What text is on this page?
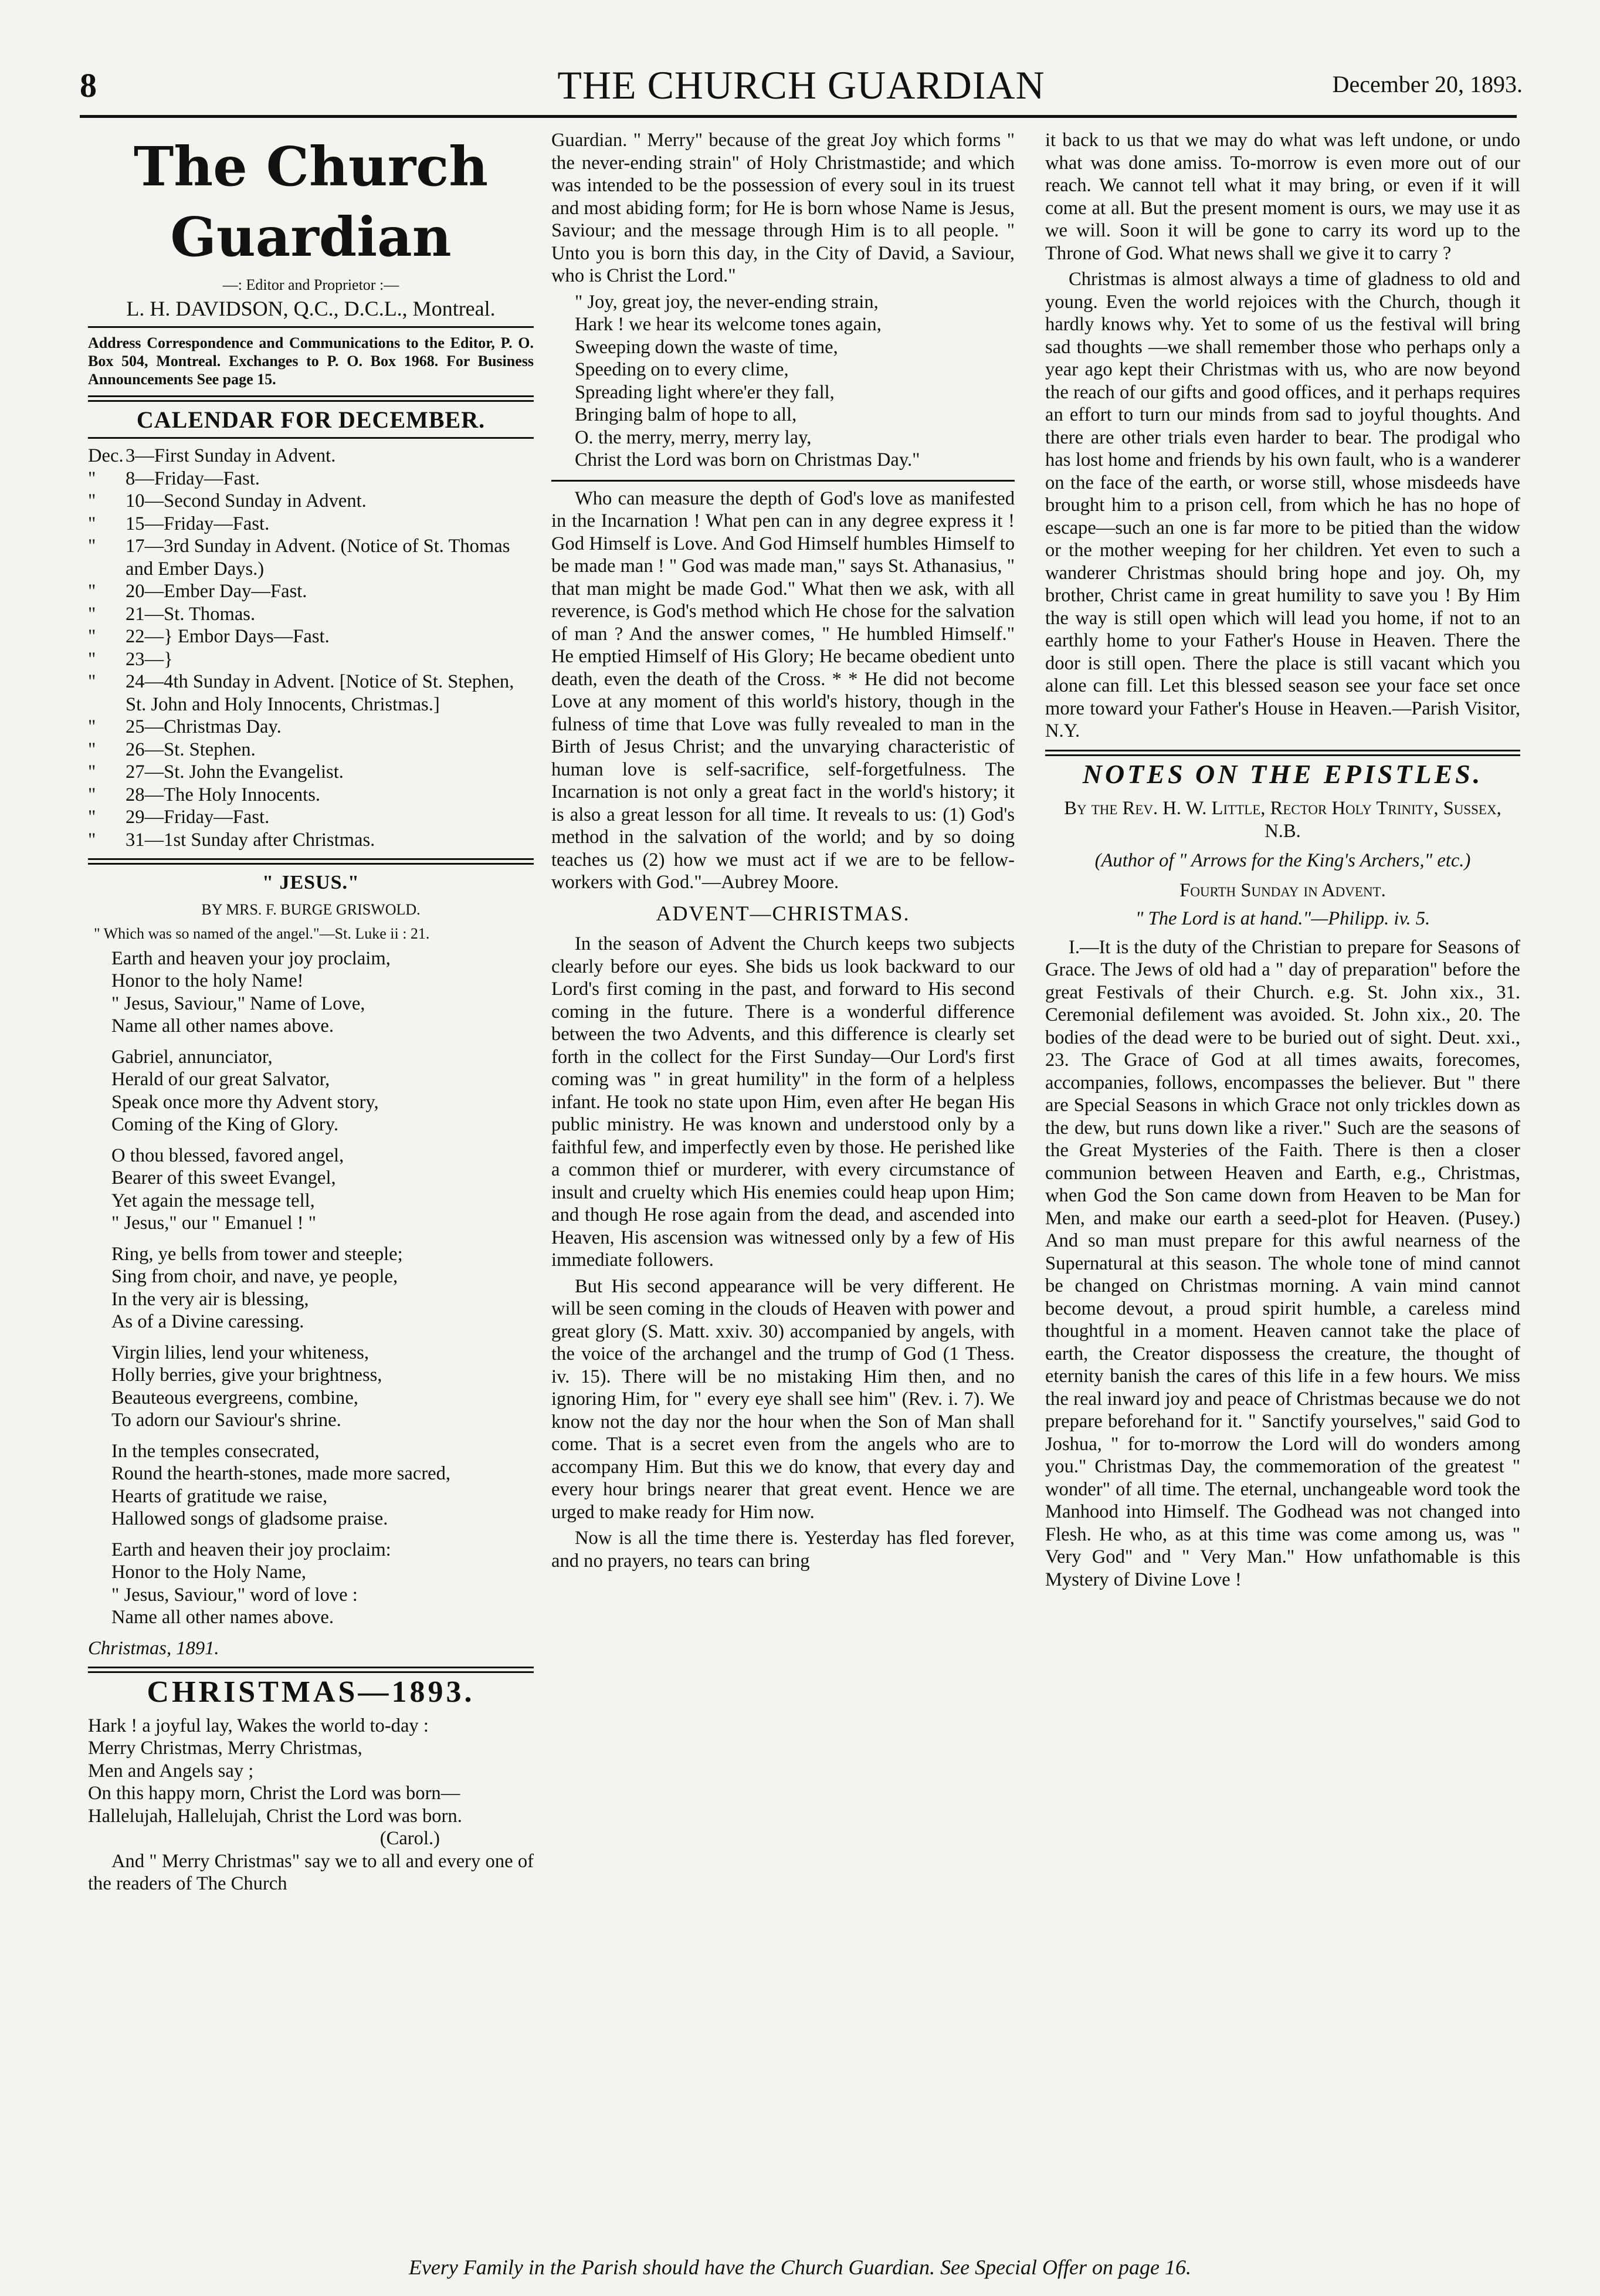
8	THE CHURCH GUARDIAN	December 20, 1893.
The Church Guardian
—: Editor and Proprietor :—
L. H. DAVIDSON, Q.C., D.C.L., Montreal.

Address Correspondence and Communications to the Editor, P. O. Box 504, Montreal. Exchanges to P. O. Box 1968. For Business Announcements See page 15.

CALENDAR FOR DECEMBER.
Dec. 3—First Sunday in Advent.
"	8—Friday—Fast.
"	10—Second Sunday in Advent.
"	15—Friday—Fast.
"	17—3rd Sunday in Advent. (Notice of St. Thomas and Ember Days.)
"	20—Ember Day—Fast.
"	21—St. Thomas.
"	22—} Embor Days—Fast.
"	23—}
"	24—4th Sunday in Advent. [Notice of St. Stephen, St. John and Holy Innocents, Christmas.]
"	25—Christmas Day.
"	26—St. Stephen.
"	27—St. John the Evangelist.
"	28—The Holy Innocents.
"	29—Friday—Fast.
"	31—1st Sunday after Christmas.
" JESUS."
BY MRS. F. BURGE GRISWOLD.
" Which was so named of the angel."—St. Luke ii : 21.
Earth and heaven your joy proclaim,
Honor to the holy Name!
" Jesus, Saviour," Name of Love,
Name all other names above.
Gabriel, annunciator,
Herald of our great Salvator,
Speak once more thy Advent story,
Coming of the King of Glory.
O thou blessed, favored angel,
Bearer of this sweet Evangel,
Yet again the message tell,
" Jesus," our " Emanuel ! "
Ring, ye bells from tower and steeple;
Sing from choir, and nave, ye people,
In the very air is blessing,
As of a Divine caressing.
Virgin lilies, lend your whiteness,
Holly berries, give your brightness,
Beauteous evergreens, combine,
To adorn our Saviour's shrine.
In the temples consecrated,
Round the hearth-stones, made more sacred,
Hearts of gratitude we raise,
Hallowed songs of gladsome praise.
Earth and heaven their joy proclaim:
Honor to the Holy Name,
" Jesus, Saviour," word of love :
Name all other names above.
Christmas, 1891.
CHRISTMAS—1893.
Hark ! a joyful lay, Wakes the world to-day :
Merry Christmas, Merry Christmas,
Men and Angels say ;
On this happy morn, Christ the Lord was born—
Hallelujah, Hallelujah, Christ the Lord was born.
(Carol.)

And " Merry Christmas" say we to all and every one of the readers of The Church

Guardian. " Merry" because of the great Joy which forms " the never-ending strain" of Holy Christmastide; and which was intended to be the possession of every soul in its truest and most abiding form; for He is born whose Name is Jesus, Saviour; and the message through Him is to all people. " Unto you is born this day, in the City of David, a Saviour, who is Christ the Lord."

" Joy, great joy, the never-ending strain,
Hark ! we hear its welcome tones again,
Sweeping down the waste of time,
Speeding on to every clime,
Spreading light where'er they fall,
Bringing balm of hope to all,
O. the merry, merry, merry lay,
Christ the Lord was born on Christmas Day."

Who can measure the depth of God's love as manifested in the Incarnation ! What pen can in any degree express it ! God Himself is Love. And God Himself humbles Himself to be made man ! " God was made man," says St. Athanasius, " that man might be made God." What then we ask, with all reverence, is God's method which He chose for the salvation of man ? And the answer comes, " He humbled Himself." He emptied Himself of His Glory; He became obedient unto death, even the death of the Cross. * * He did not become Love at any moment of this world's history, though in the fulness of time that Love was fully revealed to man in the Birth of Jesus Christ; and the unvarying characteristic of human love is self-sacrifice, self-forgetfulness. The Incarnation is not only a great fact in the world's history; it is also a great lesson for all time. It reveals to us: (1) God's method in the salvation of the world; and by so doing teaches us (2) how we must act if we are to be fellow-workers with God."—Aubrey Moore.

ADVENT—CHRISTMAS.

In the season of Advent the Church keeps two subjects clearly before our eyes. She bids us look backward to our Lord's first coming in the past, and forward to His second coming in the future. There is a wonderful difference between the two Advents, and this difference is clearly set forth in the collect for the First Sunday—Our Lord's first coming was " in great humility" in the form of a helpless infant. He took no state upon Him, even after He began His public ministry. He was known and understood only by a faithful few, and imperfectly even by those. He perished like a common thief or murderer, with every circumstance of insult and cruelty which His enemies could heap upon Him; and though He rose again from the dead, and ascended into Heaven, His ascension was witnessed only by a few of His immediate followers.

But His second appearance will be very different. He will be seen coming in the clouds of Heaven with power and great glory (S. Matt. xxiv. 30) accompanied by angels, with the voice of the archangel and the trump of God (1 Thess. iv. 15). There will be no mistaking Him then, and no ignoring Him, for " every eye shall see him" (Rev. i. 7). We know not the day nor the hour when the Son of Man shall come. That is a secret even from the angels who are to accompany Him. But this we do know, that every day and every hour brings nearer that great event. Hence we are urged to make ready for Him now.

Now is all the time there is. Yesterday has fled forever, and no prayers, no tears can bring

it back to us that we may do what was left undone, or undo what was done amiss. To-morrow is even more out of our reach. We cannot tell what it may bring, or even if it will come at all. But the present moment is ours, we may use it as we will. Soon it will be gone to carry its word up to the Throne of God. What news shall we give it to carry ?

Christmas is almost always a time of gladness to old and young. Even the world rejoices with the Church, though it hardly knows why. Yet to some of us the festival will bring sad thoughts —we shall remember those who perhaps only a year ago kept their Christmas with us, who are now beyond the reach of our gifts and good offices, and it perhaps requires an effort to turn our minds from sad to joyful thoughts. And there are other trials even harder to bear. The prodigal who has lost home and friends by his own fault, who is a wanderer on the face of the earth, or worse still, whose misdeeds have brought him to a prison cell, from which he has no hope of escape—such an one is far more to be pitied than the widow or the mother weeping for her children. Yet even to such a wanderer Christmas should bring hope and joy. Oh, my brother, Christ came in great humility to save you ! By Him the way is still open which will lead you home, if not to an earthly home to your Father's House in Heaven. There the door is still open. There the place is still vacant which you alone can fill. Let this blessed season see your face set once more toward your Father's House in Heaven.—Parish Visitor, N.Y.

NOTES ON THE EPISTLES.
By the Rev. H. W. Little, Rector Holy Trinity, Sussex, N.B.
(Author of " Arrows for the King's Archers," etc.)
Fourth Sunday in Advent.
" The Lord is at hand."—Philipp. iv. 5.

I.—It is the duty of the Christian to prepare for Seasons of Grace. The Jews of old had a " day of preparation" before the great Festivals of their Church. e.g. St. John xix., 31. Ceremonial defilement was avoided. St. John xix., 20. The bodies of the dead were to be buried out of sight. Deut. xxi., 23. The Grace of God at all times awaits, forecomes, accompanies, follows, encompasses the believer. But " there are Special Seasons in which Grace not only trickles down as the dew, but runs down like a river." Such are the seasons of the Great Mysteries of the Faith. There is then a closer communion between Heaven and Earth, e.g., Christmas, when God the Son came down from Heaven to be Man for Men, and make our earth a seed-plot for Heaven. (Pusey.) And so man must prepare for this awful nearness of the Supernatural at this season. The whole tone of mind cannot be changed on Christmas morning. A vain mind cannot become devout, a proud spirit humble, a careless mind thoughtful in a moment. Heaven cannot take the place of earth, the Creator dispossess the creature, the thought of eternity banish the cares of this life in a few hours. We miss the real inward joy and peace of Christmas because we do not prepare beforehand for it. " Sanctify yourselves," said God to Joshua, " for to-morrow the Lord will do wonders among you." Christmas Day, the commemoration of the greatest " wonder" of all time. The eternal, unchangeable word took the Manhood into Himself. The Godhead was not changed into Flesh. He who, as at this time was come among us, was " Very God" and " Very Man." How unfathomable is this Mystery of Divine Love !

Every Family in the Parish should have the Church Guardian. See Special Offer on page 16.
